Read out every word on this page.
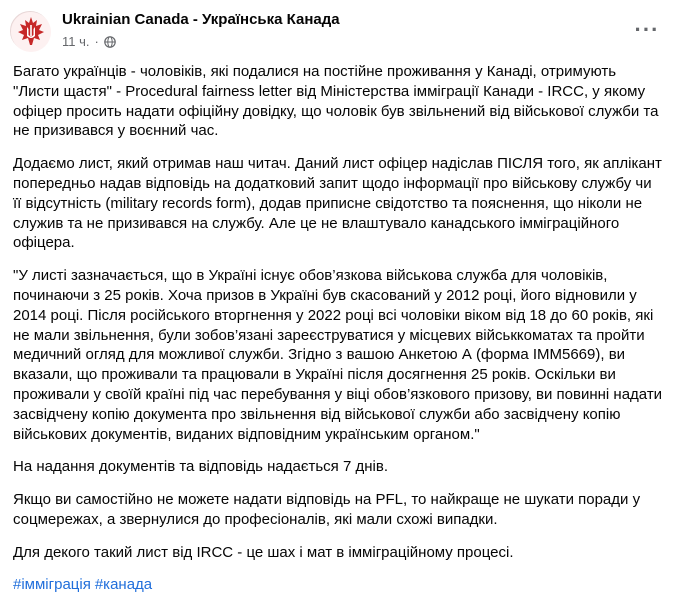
Ukrainian Canada - Українська Канада
11 ч. ·	···

Багато українців - чоловіків, які подалися на постійне проживання у Канаді, отримують "Листи щастя" - Procedural fairness letter від Міністерства імміграції Канади - IRCC, у якому офіцер просить надати офіційну довідку, що чоловік був звільнений від військової служби та не призивався у воєнний час.

Додаємо лист, який отримав наш читач. Даний лист офіцер надіслав ПІСЛЯ того, як аплікант попередньо надав відповідь на додатковий запит щодо інформації про військову службу чи її відсутність (military records form), додав приписне свідотство та пояснення, що ніколи не служив та не призивався на службу. Але це не влаштувало канадського імміграційного офіцера.

"У листі зазначається, що в Україні існує обов’язкова військова служба для чоловіків, починаючи з 25 років. Хоча призов в Україні був скасований у 2012 році, його відновили у 2014 році. Після російського вторгнення у 2022 році всі чоловіки віком від 18 до 60 років, які не мали звільнення, були зобов’язані зареєструватися у місцевих військкоматах та пройти медичний огляд для можливої служби. Згідно з вашою Анкетою А (форма IMM5669), ви вказали, що проживали та працювали в Україні після досягнення 25 років. Оскільки ви проживали у своїй країні під час перебування у віці обов’язкового призову, ви повинні надати засвідчену копію документа про звільнення від військової служби або засвідчену копію військових документів, виданих відповідним українським органом."

На надання документів та відповідь надається 7 днів.

Якщо ви самостійно не можете надати відповідь на PFL, то найкраще не шукати поради у соцмережах, а звернулися до професіоналів, які мали схожі випадки.

Для декого такий лист від IRCC - це шах і мат в імміграційному процесі.

#імміграція #канада
